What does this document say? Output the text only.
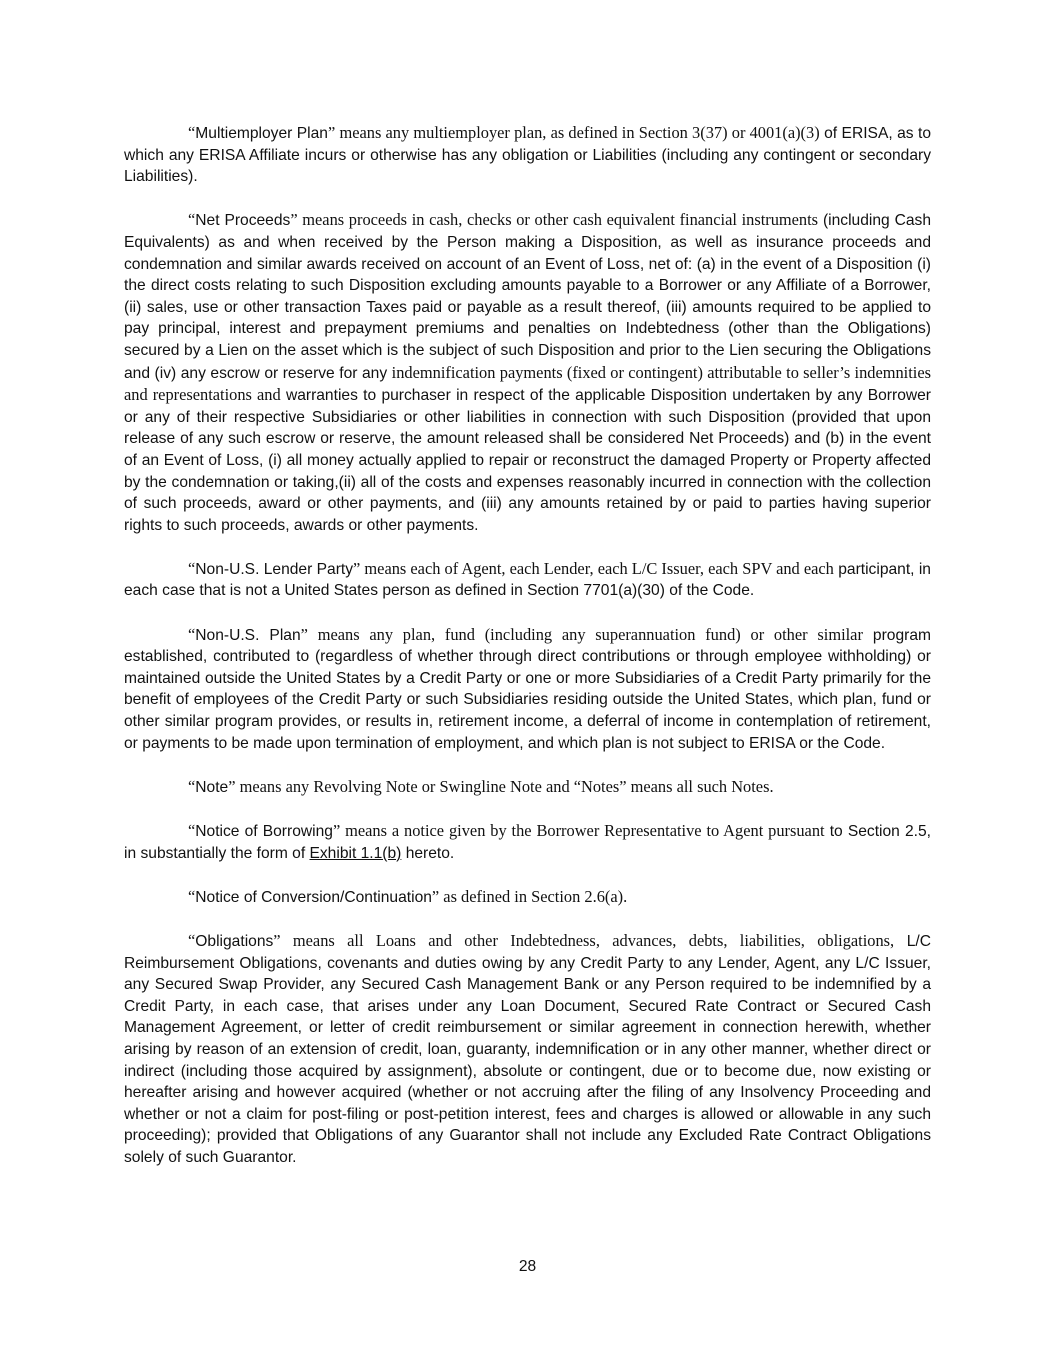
“Multiemployer Plan” means any multiemployer plan, as defined in Section 3(37) or 4001(a)(3) of ERISA, as to which any ERISA Affiliate incurs or otherwise has any obligation or Liabilities (including any contingent or secondary Liabilities).

“Net Proceeds” means proceeds in cash, checks or other cash equivalent financial instruments (including Cash Equivalents) as and when received by the Person making a Disposition, as well as insurance proceeds and condemnation and similar awards received on account of an Event of Loss, net of: (a) in the event of a Disposition (i) the direct costs relating to such Disposition excluding amounts payable to a Borrower or any Affiliate of a Borrower, (ii) sales, use or other transaction Taxes paid or payable as a result thereof, (iii) amounts required to be applied to pay principal, interest and prepayment premiums and penalties on Indebtedness (other than the Obligations) secured by a Lien on the asset which is the subject of such Disposition and prior to the Lien securing the Obligations and (iv) any escrow or reserve for any indemnification payments (fixed or contingent) attributable to seller’s indemnities and representations and warranties to purchaser in respect of the applicable Disposition undertaken by any Borrower or any of their respective Subsidiaries or other liabilities in connection with such Disposition (provided that upon release of any such escrow or reserve, the amount released shall be considered Net Proceeds) and (b) in the event of an Event of Loss, (i) all money actually applied to repair or reconstruct the damaged Property or Property affected by the condemnation or taking,(ii) all of the costs and expenses reasonably incurred in connection with the collection of such proceeds, award or other payments, and (iii) any amounts retained by or paid to parties having superior rights to such proceeds, awards or other payments.

“Non-U.S. Lender Party” means each of Agent, each Lender, each L/C Issuer, each SPV and each participant, in each case that is not a United States person as defined in Section 7701(a)(30) of the Code.

“Non-U.S. Plan” means any plan, fund (including any superannuation fund) or other similar program established, contributed to (regardless of whether through direct contributions or through employee withholding) or maintained outside the United States by a Credit Party or one or more Subsidiaries of a Credit Party primarily for the benefit of employees of the Credit Party or such Subsidiaries residing outside the United States, which plan, fund or other similar program provides, or results in, retirement income, a deferral of income in contemplation of retirement, or payments to be made upon termination of employment, and which plan is not subject to ERISA or the Code.

“Note” means any Revolving Note or Swingline Note and “Notes” means all such Notes.

“Notice of Borrowing” means a notice given by the Borrower Representative to Agent pursuant to Section 2.5, in substantially the form of Exhibit 1.1(b) hereto.

“Notice of Conversion/Continuation” as defined in Section 2.6(a).

“Obligations” means all Loans and other Indebtedness, advances, debts, liabilities, obligations, L/C Reimbursement Obligations, covenants and duties owing by any Credit Party to any Lender, Agent, any L/C Issuer, any Secured Swap Provider, any Secured Cash Management Bank or any Person required to be indemnified by a Credit Party, in each case, that arises under any Loan Document, Secured Rate Contract or Secured Cash Management Agreement, or letter of credit reimbursement or similar agreement in connection herewith, whether arising by reason of an extension of credit, loan, guaranty, indemnification or in any other manner, whether direct or indirect (including those acquired by assignment), absolute or contingent, due or to become due, now existing or hereafter arising and however acquired (whether or not accruing after the filing of any Insolvency Proceeding and whether or not a claim for post-filing or post-petition interest, fees and charges is allowed or allowable in any such proceeding); provided that Obligations of any Guarantor shall not include any Excluded Rate Contract Obligations solely of such Guarantor.

28
